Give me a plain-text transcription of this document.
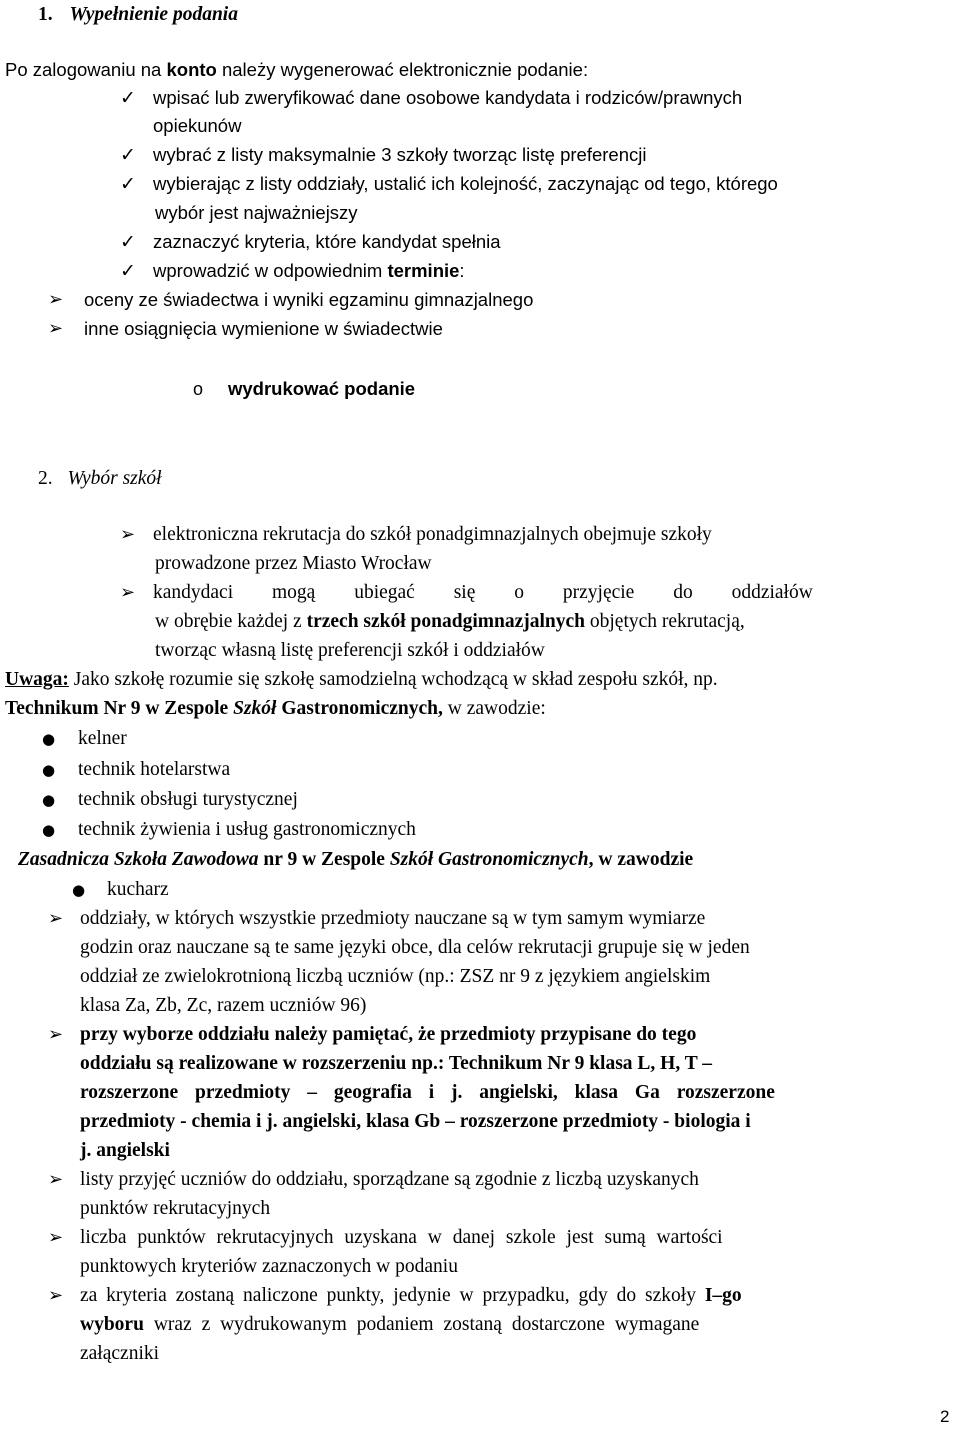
1. Wypełnienie podania
Po zalogowaniu na konto należy wygenerować elektronicznie podanie:
✓ wpisać lub zweryfikować dane osobowe kandydata i rodziców/prawnych
opiekunów
✓ wybrać z listy maksymalnie 3 szkoły tworząc listę preferencji
✓ wybierając z listy oddziały, ustalić ich kolejność, zaczynając od tego, którego
wybór jest najważniejszy
✓ zaznaczyć kryteria, które kandydat spełnia
✓ wprowadzić w odpowiednim terminie:
➢ oceny ze świadectwa i wyniki egzaminu gimnazjalnego
➢ inne osiągnięcia wymienione w świadectwie
o wydrukować podanie
2. Wybór szkół
➢ elektroniczna rekrutacja do szkół ponadgimnazjalnych obejmuje szkoły
prowadzone przez Miasto Wrocław
➢ kandydaci mogą ubiegać się o przyjęcie do oddziałów
w obrębie każdej z trzech szkół ponadgimnazjalnych objętych rekrutacją,
tworząc własną listę preferencji szkół i oddziałów
Uwaga: Jako szkołę rozumie się szkołę samodzielną wchodzącą w skład zespołu szkół, np.
Technikum Nr 9 w Zespole Szkół Gastronomicznych, w zawodzie:
● kelner
● technik hotelarstwa
● technik obsługi turystycznej
● technik żywienia i usług gastronomicznych
Zasadnicza Szkoła Zawodowa nr 9 w Zespole Szkół Gastronomicznych, w zawodzie
● kucharz
➢ oddziały, w których wszystkie przedmioty nauczane są w tym samym wymiarze
godzin oraz nauczane są te same języki obce, dla celów rekrutacji grupuje się w jeden
oddział ze zwielokrotnioną liczbą uczniów (np.: ZSZ nr 9 z językiem angielskim
klasa Za, Zb, Zc, razem uczniów 96)
➢ przy wyborze oddziału należy pamiętać, że przedmioty przypisane do tego
oddziału są realizowane w rozszerzeniu np.: Technikum Nr 9 klasa L, H, T –
rozszerzone przedmioty – geografia i j. angielski, klasa Ga rozszerzone
przedmioty - chemia i j. angielski, klasa Gb – rozszerzone przedmioty - biologia i
j. angielski
➢ listy przyjęć uczniów do oddziału, sporządzane są zgodnie z liczbą uzyskanych
punktów rekrutacyjnych
➢ liczba punktów rekrutacyjnych uzyskana w danej szkole jest sumą wartości
punktowych kryteriów zaznaczonych w podaniu
➢ za kryteria zostaną naliczone punkty, jedynie w przypadku, gdy do szkoły I–go
wyboru wraz z wydrukowanym podaniem zostaną dostarczone wymagane
załączniki
2
